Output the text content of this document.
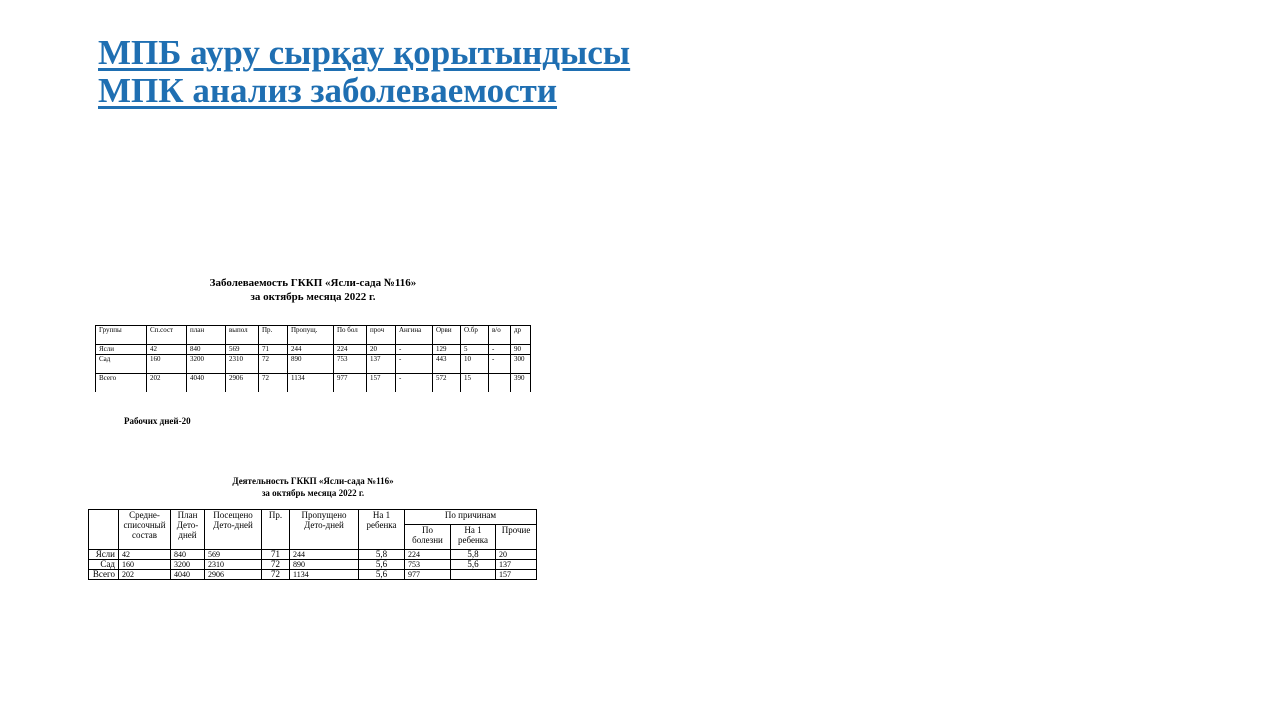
МПБ ауру сырқау қорытындысы
МПК анализ заболеваемости
Заболеваемость ГККП «Ясли-сада №116»
за октябрь месяца 2022 г.
Группы	Сп.сост	план	выпол	Пр.	Пропущ.	По бол	проч	Ангина	Орви	О.бр	в/о	др
Ясли	42	840	569	71	244	224	20	-	129	5	-	90
Сад	160	3200	2310	72	890	753	137	-	443	10	-	300
Всего	202	4040	2906	72	1134	977	157	-	572	15		390
Рабочих дней-20
Деятельность ГККП «Ясли-сада №116»
за октябрь месяца 2022 г.
	Средне-списочный состав	План Дето-дней	Посещено Дето-дней	Пр.	Пропущено Дето-дней	На 1 ребенка	По причинам		
							По болезни	На 1 ребенка	Прочие
Ясли	42	840	569	71	244	5,8	224	5,8	20
Сад	160	3200	2310	72	890	5,6	753	5,6	137
Всего	202	4040	2906	72	1134	5,6	977		157
